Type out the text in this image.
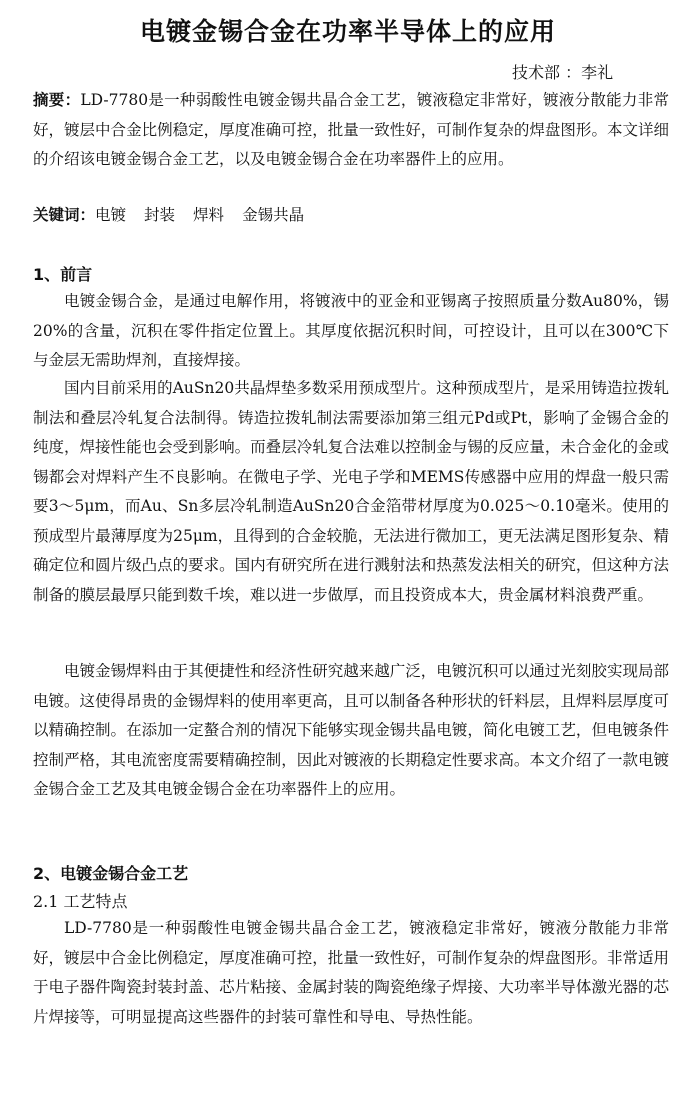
电镀金锡合金在功率半导体上的应用
技术部 ：李礼
摘要：LD-7780是一种弱酸性电镀金锡共晶合金工艺，镀液稳定非常好，镀液分散能力非常好，镀层中合金比例稳定，厚度准确可控，批量一致性好，可制作复杂的焊盘图形。本文详细的介绍该电镀金锡合金工艺，以及电镀金锡合金在功率器件上的应用。
关键词：电镀 封装 焊料 金锡共晶
1、前言
电镀金锡合金，是通过电解作用，将镀液中的亚金和亚锡离子按照质量分数Au80%，锡 20%的含量，沉积在零件指定位置上。其厚度依据沉积时间，可控设计，且可以在300℃下与金层无需助焊剂，直接焊接。
国内目前采用的AuSn20共晶焊垫多数采用预成型片。这种预成型片，是采用铸造拉拨轧制法和叠层冷轧复合法制得。铸造拉拨轧制法需要添加第三组元Pd或Pt，影响了金锡合金的纯度，焊接性能也会受到影响。而叠层冷轧复合法难以控制金与锡的反应量，未合金化的金或锡都会对焊料产生不良影响。在微电子学、光电子学和MEMS传感器中应用的焊盘一般只需要3～5μm，而Au、Sn多层冷轧制造AuSn20合金箔带材厚度为0.025～0.10毫米。使用的预成型片最薄厚度为25μm，且得到的合金较脆，无法进行微加工，更无法满足图形复杂、精确定位和圆片级凸点的要求。国内有研究所在进行溅射法和热蒸发法相关的研究，但这种方法制备的膜层最厚只能到数千埃，难以进一步做厚，而且投资成本大，贵金属材料浪费严重。
电镀金锡焊料由于其便捷性和经济性研究越来越广泛，电镀沉积可以通过光刻胶实现局部电镀。这使得昂贵的金锡焊料的使用率更高，且可以制备各种形状的钎料层，且焊料层厚度可以精确控制。在添加一定螯合剂的情况下能够实现金锡共晶电镀，简化电镀工艺，但电镀条件控制严格，其电流密度需要精确控制，因此对镀液的长期稳定性要求高。本文介绍了一款电镀金锡合金工艺及其电镀金锡合金在功率器件上的应用。
2、电镀金锡合金工艺
2.1 工艺特点
LD-7780是一种弱酸性电镀金锡共晶合金工艺，镀液稳定非常好，镀液分散能力非常好，镀层中合金比例稳定，厚度准确可控，批量一致性好，可制作复杂的焊盘图形。非常适用于电子器件陶瓷封装封盖、芯片粘接、金属封装的陶瓷绝缘子焊接、大功率半导体激光器的芯片焊接等，可明显提高这些器件的封装可靠性和导电、导热性能。
